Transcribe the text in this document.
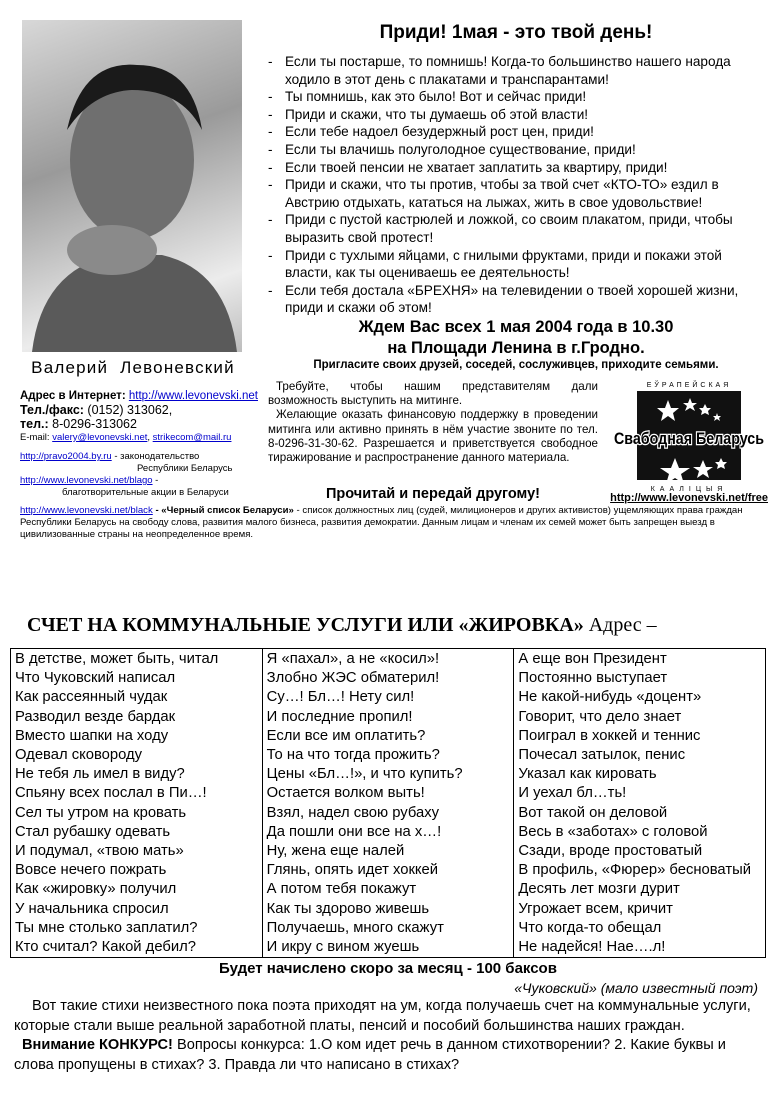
Валерий Левоневский
Приди! 1мая - это твой день!
- Если ты постарше, то помнишь! Когда-то большинство нашего народа ходило в этот день с плакатами и транспарантами!
- Ты помнишь, как это было! Вот и сейчас приди!
- Приди и скажи, что ты думаешь об этой власти!
- Если тебе надоел безудержный рост цен, приди!
- Если ты влачишь полуголодное существование, приди!
- Если твоей пенсии не хватает заплатить за квартиру, приди!
- Приди и скажи, что ты против, чтобы за твой счет «КТО-ТО» ездил в Австрию отдыхать, кататься на лыжах, жить в свое удовольствие!
- Приди с пустой кастрюлей и ложкой, со своим плакатом, приди, чтобы выразить свой протест!
- Приди с тухлыми яйцами, с гнилыми фруктами, приди и покажи этой власти, как ты оцениваешь ее деятельность!
- Если тебя достала «БРЕХНЯ» на телевидении о твоей хорошей жизни, приди и скажи об этом!
Ждем Вас всех 1 мая 2004 года в 10.30
на Площади Ленина в г.Гродно.
Пригласите своих друзей, соседей, сослуживцев, приходите семьями.
Адрес в Интернет: http://www.levonevski.net
Тел./факс: (0152) 313062,
тел.: 8-0296-313062
E-mail: valery@levonevski.net, strikecom@mail.ru
http://pravo2004.by.ru - законодательство
Республики Беларусь
http://www.levonevski.net/blago -
благотворительные акции в Беларуси

Требуйте, чтобы нашим представителям дали возможность выступить на митинге.

Желающие оказать финансовую поддержку в проведении митинга или активно принять в нём участие звоните по тел. 8-0296-31-30-62. Разрешается и приветствуется свободное тиражирование и распространение данного материала.

Прочитай и передай другому!
ЕЎРАПЕЙСКАЯ
Свабодная Беларусь
КААЛІЦЫЯ
http://www.levonevski.net/free
http://www.levonevski.net/black - «Черный список Беларуси» - список должностных лиц (судей, милиционеров и других активистов) ущемляющих права граждан Республики Беларусь на свободу слова, развития малого бизнеса, развития демократии. Данным лицам и членам их семей может быть запрещен выезд в цивилизованные страны на неопределенное время.
СЧЕТ НА КОММУНАЛЬНЫЕ УСЛУГИ ИЛИ «ЖИРОВКА» Адрес –
В детстве, может быть, читал
Что Чуковский написал
Как рассеянный чудак
Разводил везде бардак
Вместо шапки на ходу
Одевал сковороду
Не тебя ль имел в виду?
Спьяну всех послал в Пи…!
Сел ты утром на кровать
Стал рубашку одевать
И подумал, «твою мать»
Вовсе нечего пожрать
Как «жировку» получил
У начальника спросил
Ты мне столько заплатил?
Кто считал? Какой дебил?
Я «пахал», а не «косил»!
Злобно ЖЭС обматерил!
Су…! Бл…! Нету сил!
И последние пропил!
Если все им оплатить?
То на что тогда прожить?
Цены «Бл…!», и что купить?
Остается волком выть!
Взял, надел свою рубаху
Да пошли они все на х…!
Ну, жена еще налей
Глянь, опять идет хоккей
А потом тебя покажут
Как ты здорово живешь
Получаешь, много скажут
И икру с вином жуешь
А еще вон Президент
Постоянно выступает
Не какой-нибудь «доцент»
Говорит, что дело знает
Поиграл в хоккей и теннис
Почесал затылок, пенис
Указал как кировать
И уехал бл…ть!
Вот такой он деловой
Весь в «заботах» с головой
Сзади, вроде простоватый
В профиль, «Фюрер» бесноватый
Десять лет мозги дурит
Угрожает всем, кричит
Что когда-то обещал
Не надейся! Нае….л!
Будет начислено скоро за месяц - 100 баксов
«Чуковский» (мало известный поэт)

Вот такие стихи неизвестного пока поэта приходят на ум, когда получаешь счет на коммунальные услуги, которые стали выше реальной заработной платы, пенсий и пособий большинства наших граждан.

Внимание КОНКУРС! Вопросы конкурса: 1.О ком идет речь в данном стихотворении? 2. Какие буквы и слова пропущены в стихах? 3. Правда ли что написано в стихах?
